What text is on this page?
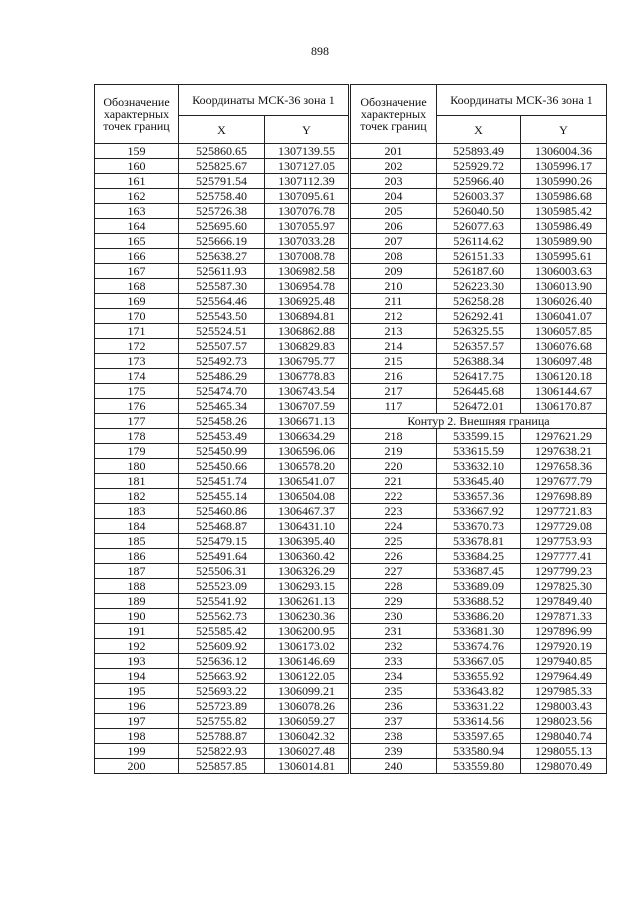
898
Обозначение характерных точек границ	Координаты МСК-36 зона 1	
	X	Y
159	525860.65	1307139.55
160	525825.67	1307127.05
161	525791.54	1307112.39
162	525758.40	1307095.61
163	525726.38	1307076.78
164	525695.60	1307055.97
165	525666.19	1307033.28
166	525638.27	1307008.78
167	525611.93	1306982.58
168	525587.30	1306954.78
169	525564.46	1306925.48
170	525543.50	1306894.81
171	525524.51	1306862.88
172	525507.57	1306829.83
173	525492.73	1306795.77
174	525486.29	1306778.83
175	525474.70	1306743.54
176	525465.34	1306707.59
177	525458.26	1306671.13
178	525453.49	1306634.29
179	525450.99	1306596.06
180	525450.66	1306578.20
181	525451.74	1306541.07
182	525455.14	1306504.08
183	525460.86	1306467.37
184	525468.87	1306431.10
185	525479.15	1306395.40
186	525491.64	1306360.42
187	525506.31	1306326.29
188	525523.09	1306293.15
189	525541.92	1306261.13
190	525562.73	1306230.36
191	525585.42	1306200.95
192	525609.92	1306173.02
193	525636.12	1306146.69
194	525663.92	1306122.05
195	525693.22	1306099.21
196	525723.89	1306078.26
197	525755.82	1306059.27
198	525788.87	1306042.32
199	525822.93	1306027.48
200	525857.85	1306014.81
Обозначение характерных точек границ	Координаты МСК-36 зона 1	
	X	Y
201	525893.49	1306004.36
202	525929.72	1305996.17
203	525966.40	1305990.26
204	526003.37	1305986.68
205	526040.50	1305985.42
206	526077.63	1305986.49
207	526114.62	1305989.90
208	526151.33	1305995.61
209	526187.60	1306003.63
210	526223.30	1306013.90
211	526258.28	1306026.40
212	526292.41	1306041.07
213	526325.55	1306057.85
214	526357.57	1306076.68
215	526388.34	1306097.48
216	526417.75	1306120.18
217	526445.68	1306144.67
117	526472.01	1306170.87
Контур 2. Внешняя граница		
218	533599.15	1297621.29
219	533615.59	1297638.21
220	533632.10	1297658.36
221	533645.40	1297677.79
222	533657.36	1297698.89
223	533667.92	1297721.83
224	533670.73	1297729.08
225	533678.81	1297753.93
226	533684.25	1297777.41
227	533687.45	1297799.23
228	533689.09	1297825.30
229	533688.52	1297849.40
230	533686.20	1297871.33
231	533681.30	1297896.99
232	533674.76	1297920.19
233	533667.05	1297940.85
234	533655.92	1297964.49
235	533643.82	1297985.33
236	533631.22	1298003.43
237	533614.56	1298023.56
238	533597.65	1298040.74
239	533580.94	1298055.13
240	533559.80	1298070.49
